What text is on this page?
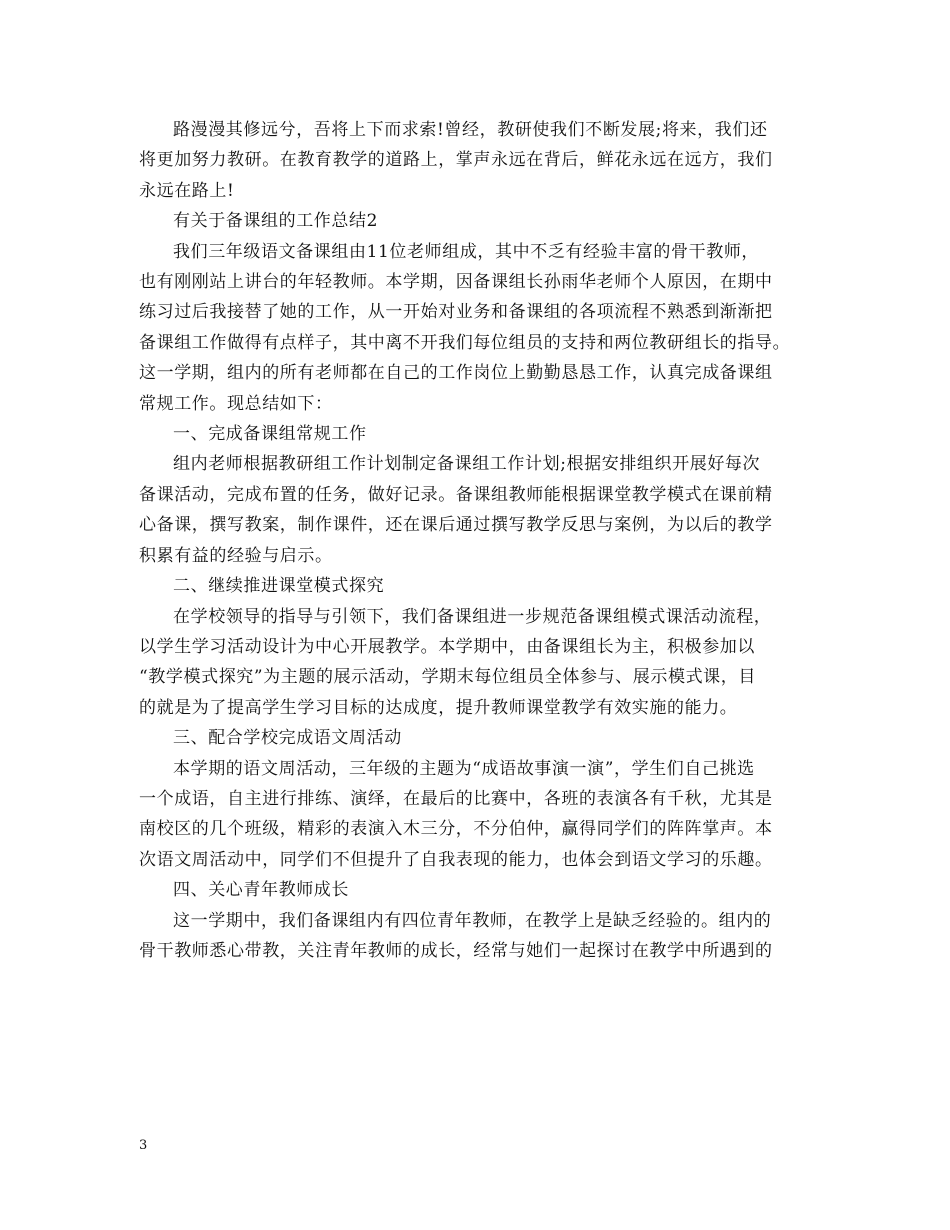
路漫漫其修远兮，吾将上下而求索!曾经，教研使我们不断发展;将来，我们还
将更加努力教研。在教育教学的道路上，掌声永远在背后，鲜花永远在远方，我们
永远在路上!

有关于备课组的工作总结2

我们三年级语文备课组由11位老师组成，其中不乏有经验丰富的骨干教师，
也有刚刚站上讲台的年轻教师。本学期，因备课组长孙雨华老师个人原因，在期中
练习过后我接替了她的工作，从一开始对业务和备课组的各项流程不熟悉到渐渐把
备课组工作做得有点样子，其中离不开我们每位组员的支持和两位教研组长的指导。
这一学期，组内的所有老师都在自己的工作岗位上勤勤恳恳工作，认真完成备课组
常规工作。现总结如下：

一、完成备课组常规工作

组内老师根据教研组工作计划制定备课组工作计划;根据安排组织开展好每次
备课活动，完成布置的任务，做好记录。备课组教师能根据课堂教学模式在课前精
心备课，撰写教案，制作课件，还在课后通过撰写教学反思与案例，为以后的教学
积累有益的经验与启示。

二、继续推进课堂模式探究

在学校领导的指导与引领下，我们备课组进一步规范备课组模式课活动流程，
以学生学习活动设计为中心开展教学。本学期中，由备课组长为主，积极参加以
“教学模式探究”为主题的展示活动，学期末每位组员全体参与、展示模式课，目
的就是为了提高学生学习目标的达成度，提升教师课堂教学有效实施的能力。

三、配合学校完成语文周活动

本学期的语文周活动，三年级的主题为“成语故事演一演”，学生们自己挑选
一个成语，自主进行排练、演绎，在最后的比赛中，各班的表演各有千秋，尤其是
南校区的几个班级，精彩的表演入木三分，不分伯仲，赢得同学们的阵阵掌声。本
次语文周活动中，同学们不但提升了自我表现的能力，也体会到语文学习的乐趣。

四、关心青年教师成长

这一学期中，我们备课组内有四位青年教师，在教学上是缺乏经验的。组内的
骨干教师悉心带教，关注青年教师的成长，经常与她们一起探讨在教学中所遇到的

3
